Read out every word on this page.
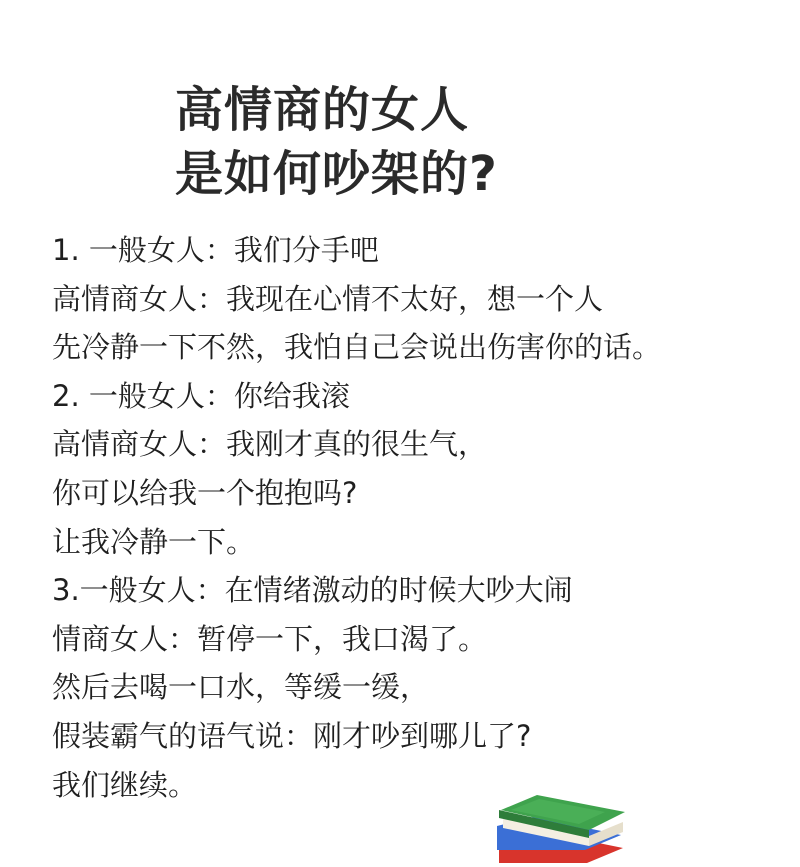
高情商的女人
是如何吵架的?
1. 一般女人：我们分手吧
高情商女人：我现在心情不太好，想一个人
先冷静一下不然，我怕自己会说出伤害你的话。
2. 一般女人：你给我滚
高情商女人：我刚才真的很生气，
你可以给我一个抱抱吗?
让我冷静一下。
3.一般女人：在情绪激动的时候大吵大闹
情商女人：暂停一下，我口渴了。
然后去喝一口水，等缓一缓，
假装霸气的语气说：刚才吵到哪儿了?
我们继续。
